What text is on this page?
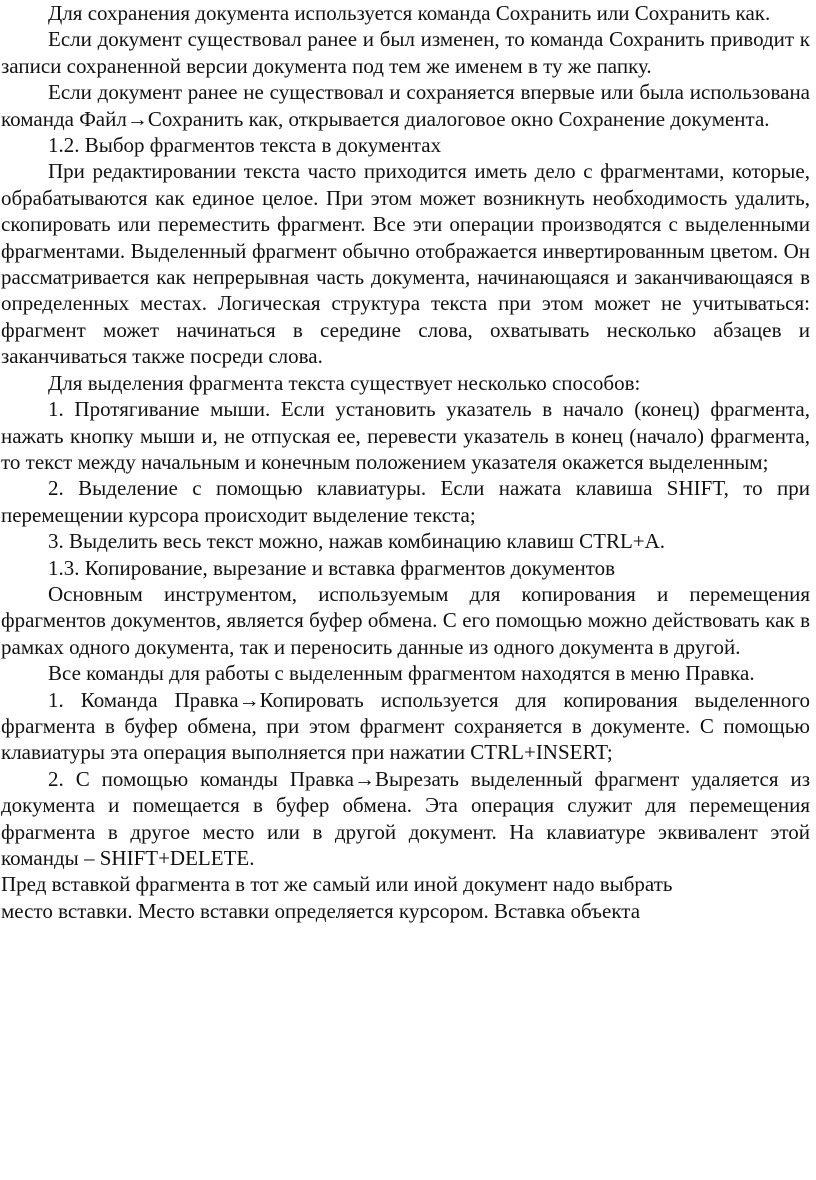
Для сохранения документа используется команда Сохранить или Сохранить как.

Если документ существовал ранее и был изменен, то команда Сохранить приводит к записи сохраненной версии документа под тем же именем в ту же папку.

Если документ ранее не существовал и сохраняется впервые или была использована команда Файл→Сохранить как, открывается диалоговое окно Сохранение документа.

1.2. Выбор фрагментов текста в документах

При редактировании текста часто приходится иметь дело с фрагментами, которые, обрабатываются как единое целое. При этом может возникнуть необходимость удалить, скопировать или переместить фрагмент. Все эти операции производятся с выделенными фрагментами. Выделенный фрагмент обычно отображается инвертированным цветом. Он рассматривается как непрерывная часть документа, начинающаяся и заканчивающаяся в определенных местах. Логическая структура текста при этом может не учитываться: фрагмент может начинаться в середине слова, охватывать несколько абзацев и заканчиваться также посреди слова.

Для выделения фрагмента текста существует несколько способов:

1. Протягивание мыши. Если установить указатель в начало (конец) фрагмента, нажать кнопку мыши и, не отпуская ее, перевести указатель в конец (начало) фрагмента, то текст между начальным и конечным положением указателя окажется выделенным;

2. Выделение с помощью клавиатуры. Если нажата клавиша SHIFT, то при перемещении курсора происходит выделение текста;

3. Выделить весь текст можно, нажав комбинацию клавиш CTRL+A.

1.3. Копирование, вырезание и вставка фрагментов документов

Основным инструментом, используемым для копирования и перемещения фрагментов документов, является буфер обмена. С его помощью можно действовать как в рамках одного документа, так и переносить данные из одного документа в другой.

Все команды для работы с выделенным фрагментом находятся в меню Правка.

1. Команда Правка→Копировать используется для копирования выделенного фрагмента в буфер обмена, при этом фрагмент сохраняется в документе. С помощью клавиатуры эта операция выполняется при нажатии CTRL+INSERT;

2. С помощью команды Правка→Вырезать выделенный фрагмент удаляется из документа и помещается в буфер обмена. Эта операция служит для перемещения фрагмента в другое место или в другой документ. На клавиатуре эквивалент этой команды – SHIFT+DELETE.

Пред вставкой фрагмента в тот же самый или иной документ надо выбрать

место вставки. Место вставки определяется курсором. Вставка объекта
